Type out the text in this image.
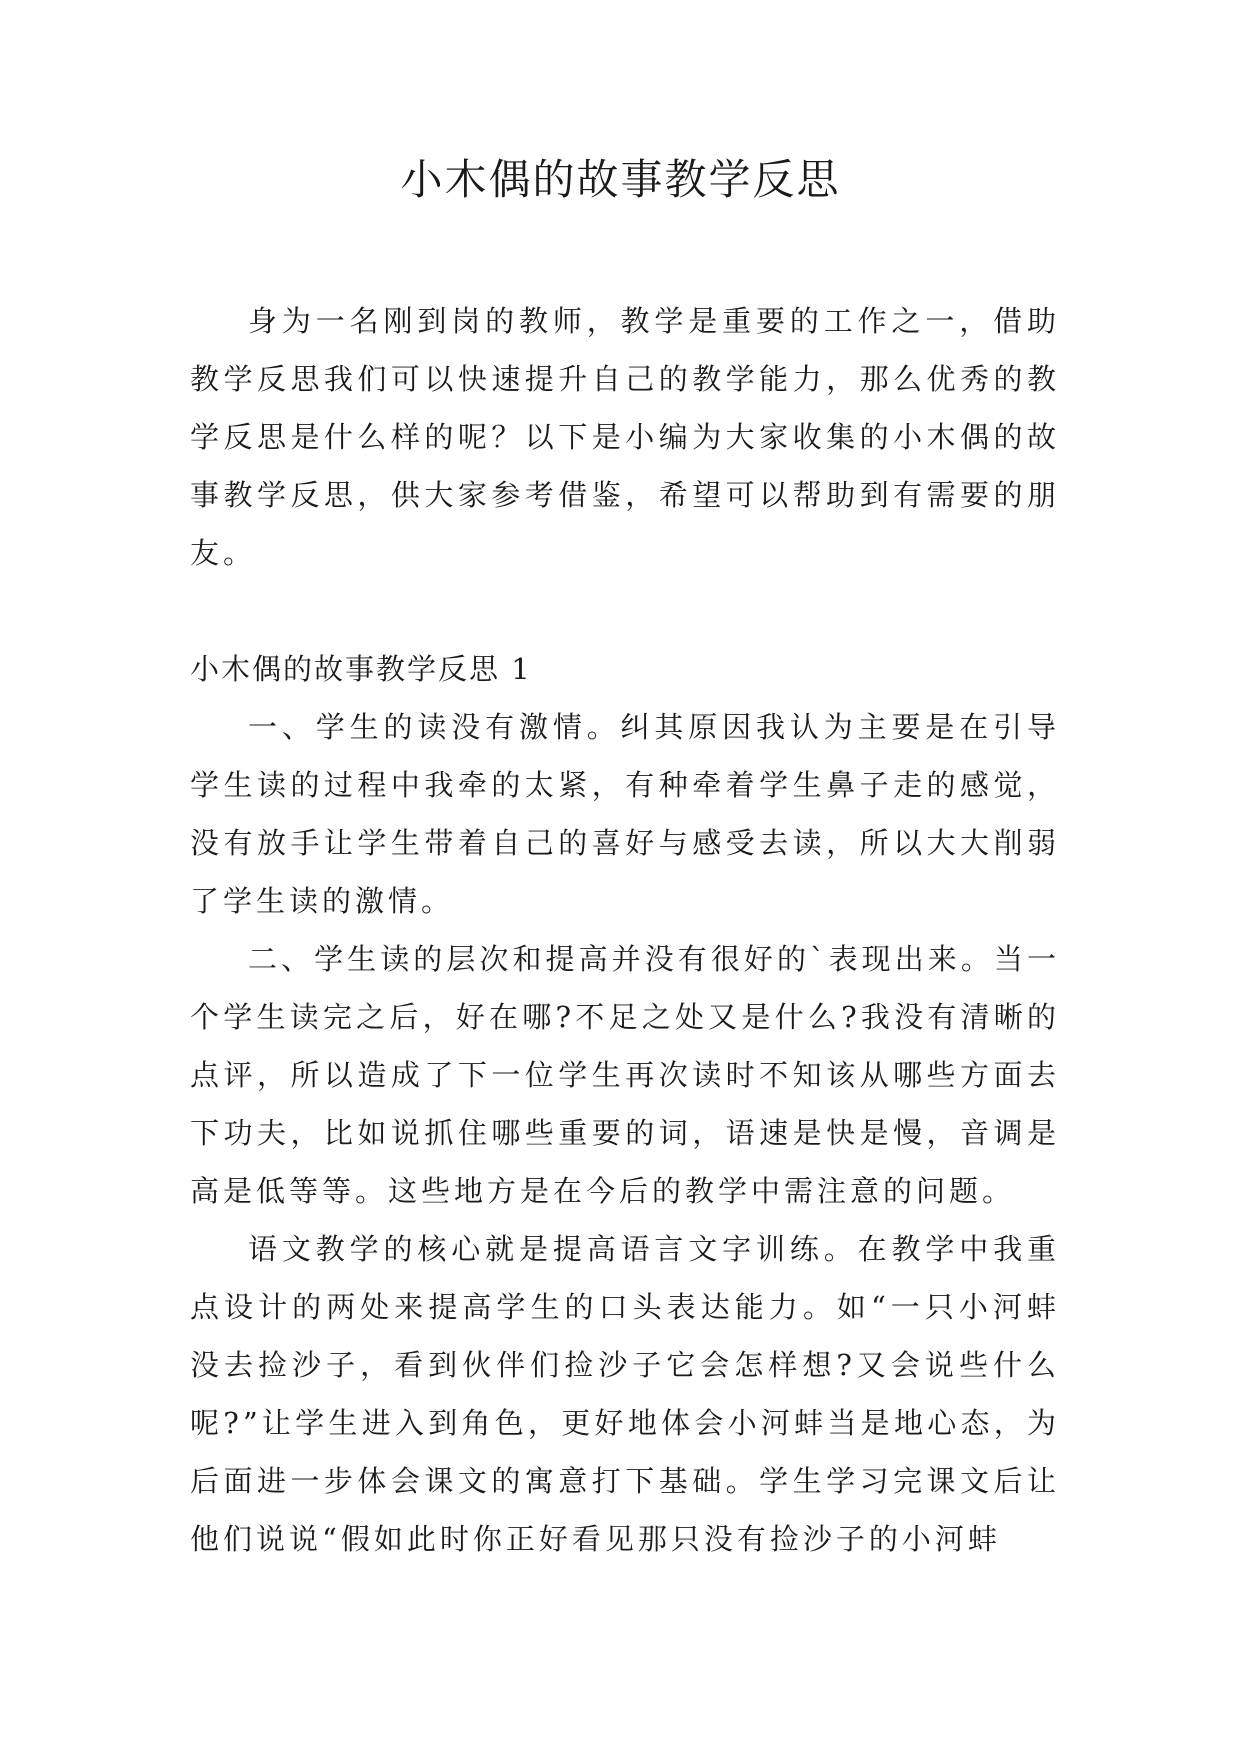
小木偶的故事教学反思

身为一名刚到岗的教师，教学是重要的工作之一，借助教学反思我们可以快速提升自己的教学能力，那么优秀的教学反思是什么样的呢？以下是小编为大家收集的小木偶的故事教学反思，供大家参考借鉴，希望可以帮助到有需要的朋友。

小木偶的故事教学反思 1

一、学生的读没有激情。纠其原因我认为主要是在引导学生读的过程中我牵的太紧，有种牵着学生鼻子走的感觉，没有放手让学生带着自己的喜好与感受去读，所以大大削弱了学生读的激情。

二、学生读的层次和提高并没有很好的`表现出来。当一个学生读完之后，好在哪?不足之处又是什么?我没有清晰的点评，所以造成了下一位学生再次读时不知该从哪些方面去下功夫，比如说抓住哪些重要的词，语速是快是慢，音调是高是低等等。这些地方是在今后的教学中需注意的问题。

语文教学的核心就是提高语言文字训练。在教学中我重点设计的两处来提高学生的口头表达能力。如“一只小河蚌没去捡沙子，看到伙伴们捡沙子它会怎样想?又会说些什么呢?”让学生进入到角色，更好地体会小河蚌当是地心态，为后面进一步体会课文的寓意打下基础。学生学习完课文后让他们说说“假如此时你正好看见那只没有捡沙子的小河蚌
